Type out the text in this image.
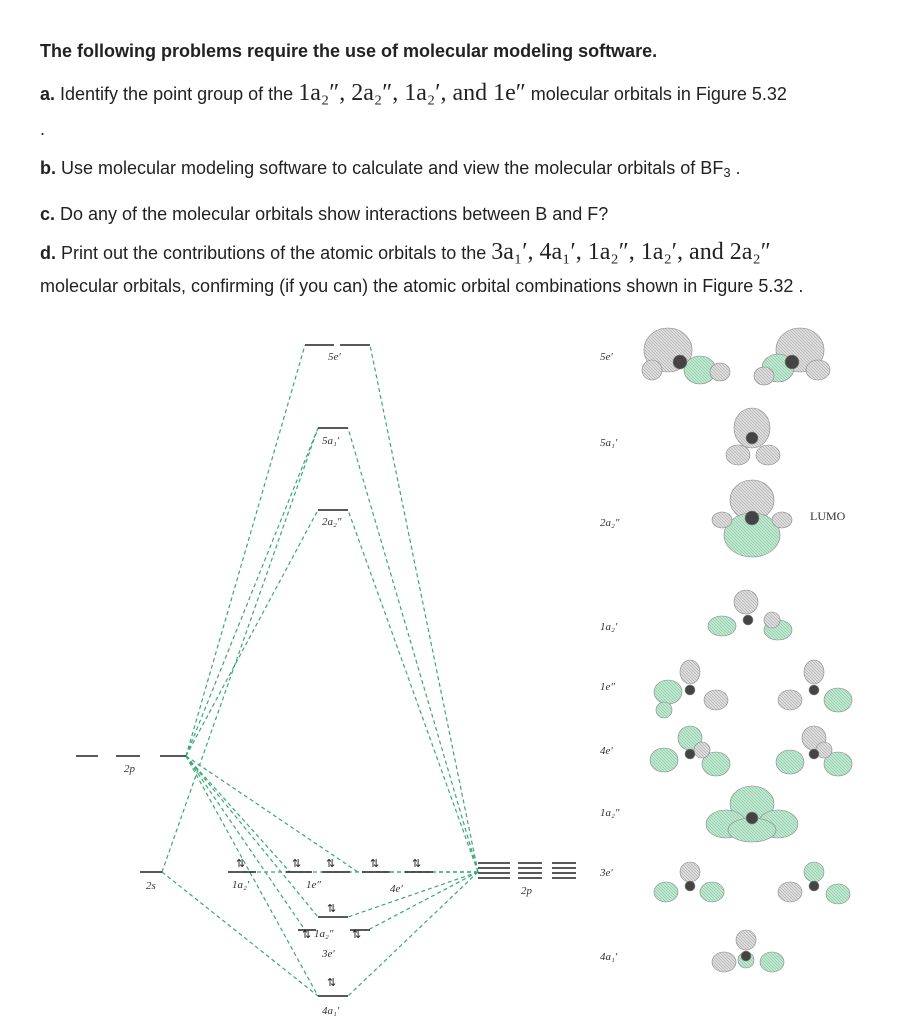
The following problems require the use of molecular modeling software.
a. Identify the point group of the 1a₂″, 2a₂″, 1a₂′, and 1e″ molecular orbitals in Figure 5.32
.
b. Use molecular modeling software to calculate and view the molecular orbitals of BF3 .
c. Do any of the molecular orbitals show interactions between B and F?
d. Print out the contributions of the atomic orbitals to the 3a₁′, 4a₁′, 1a₂″, 1a₂′, and 2a₂″
molecular orbitals, confirming (if you can) the atomic orbital combinations shown in Figure 5.32 .
⇅	⇅ ⇅	⇅	⇅
⇅
⇅	⇅
⇅
2p
2s	2p
5e′
5a₁′
2a₂″
1a₂′	1e″	4e′
1a₂″
3e′
4a₁′
5e′
5a₁′
2a₂″
1a₂′
1e″
4e′
1a₂″
3e′
4a₁′
LUMO
